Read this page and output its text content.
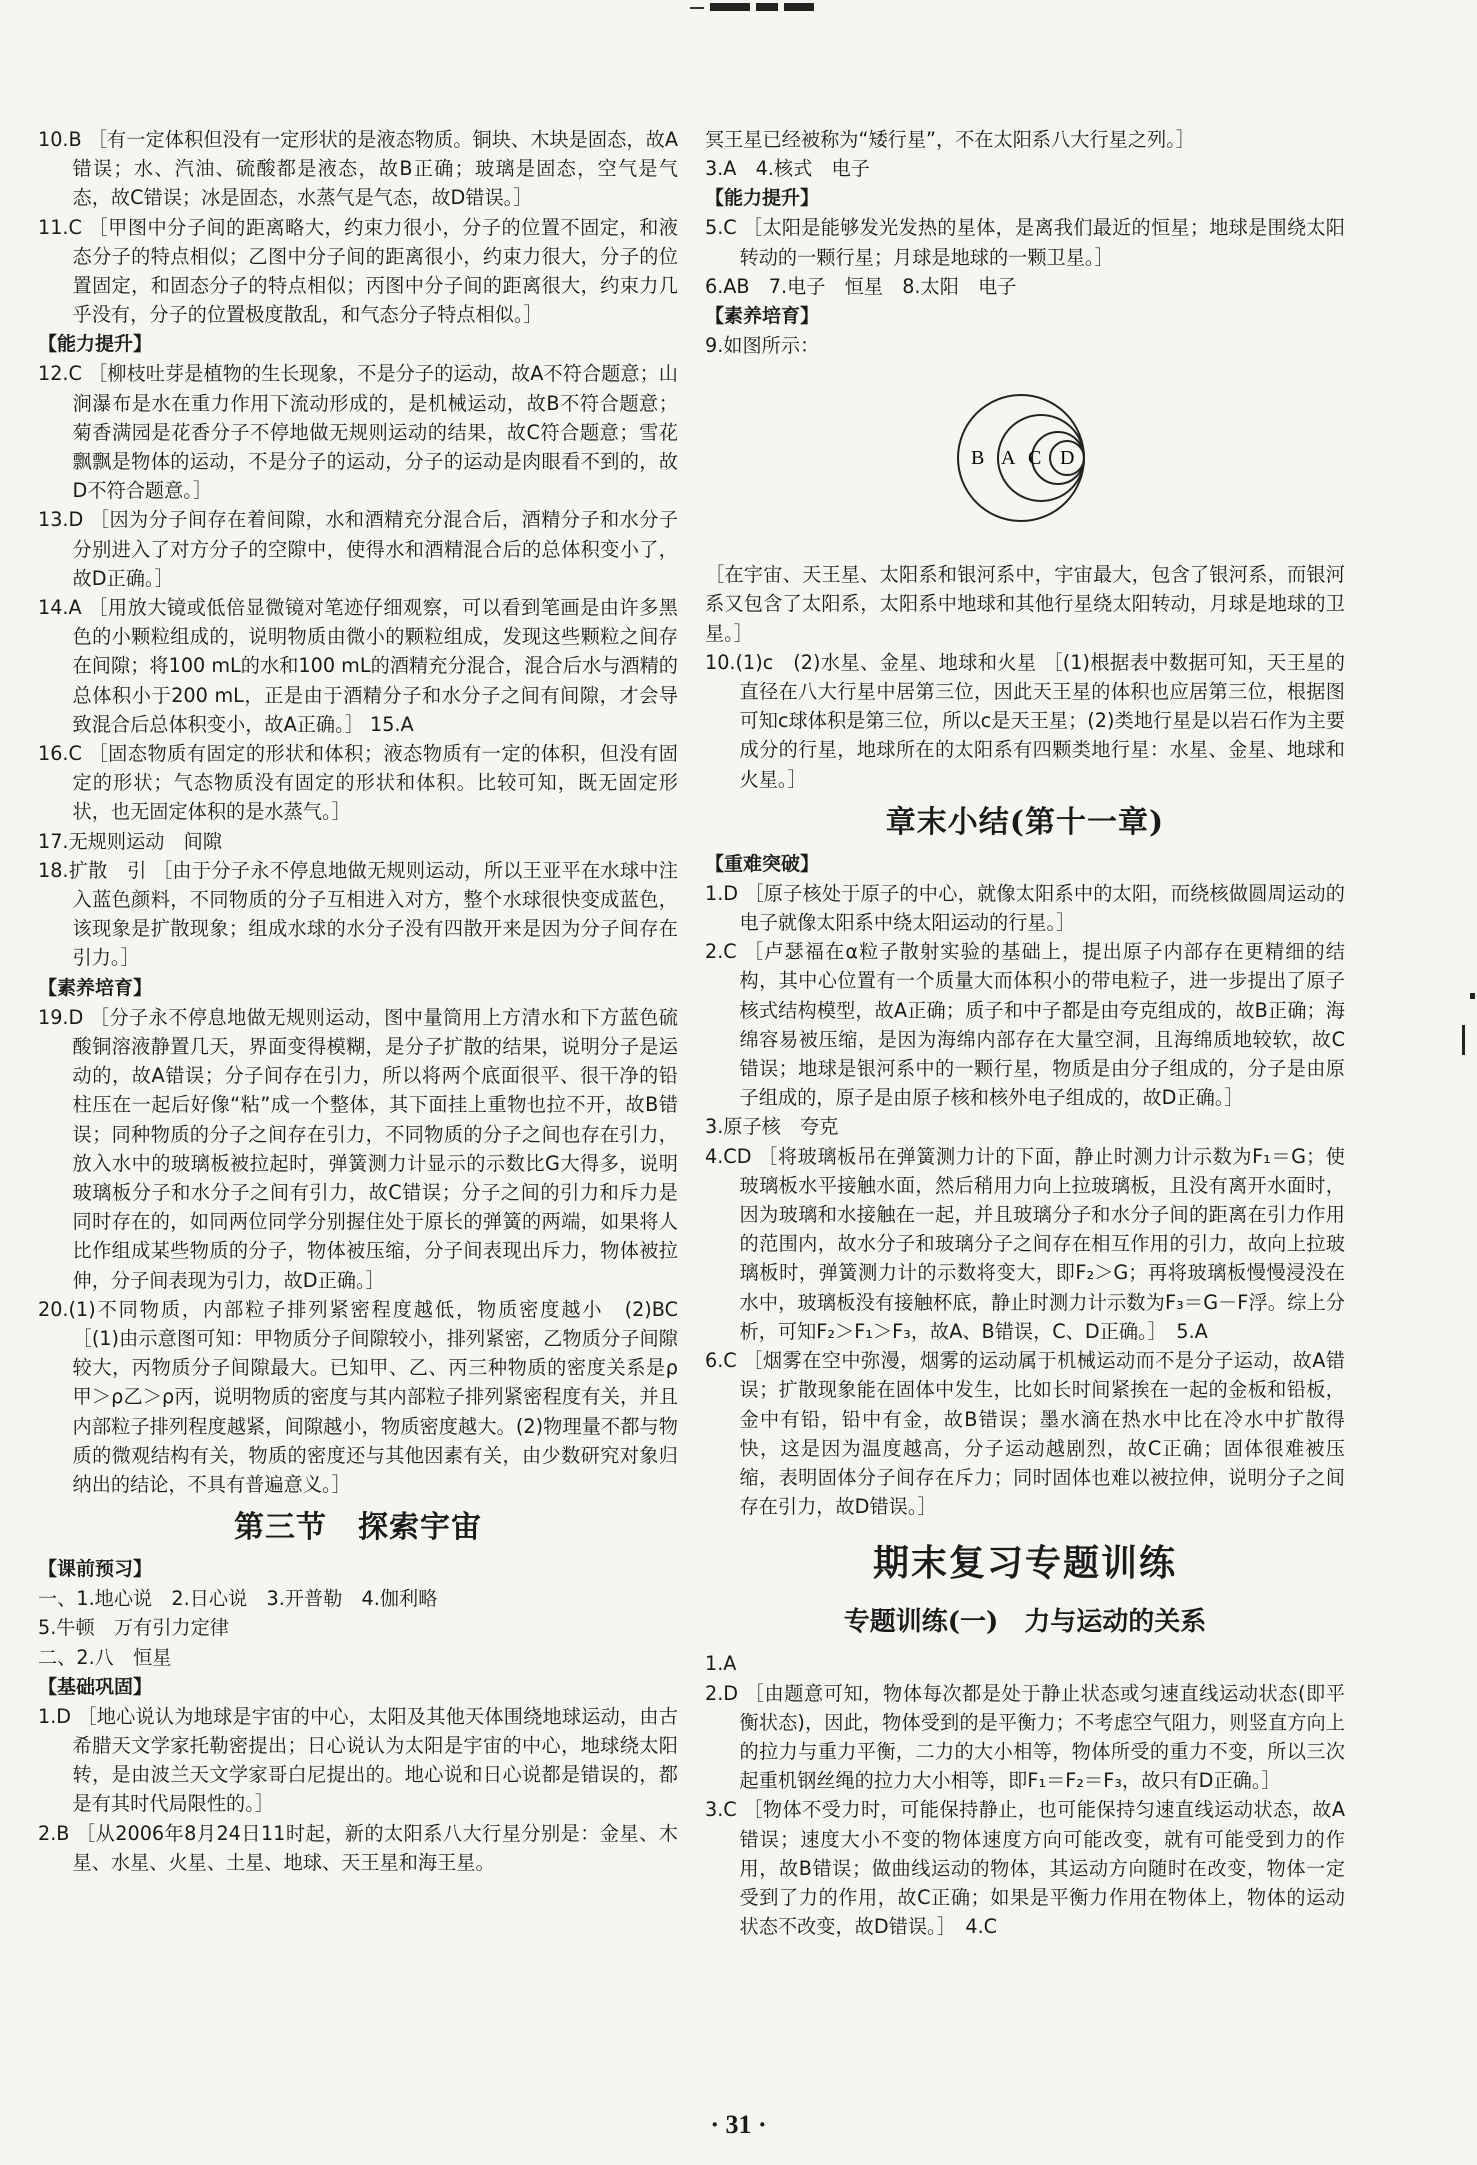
10.B ［有一定体积但没有一定形状的是液态物质。铜块、木块是固态，故A错误；水、汽油、硫酸都是液态，故B正确；玻璃是固态，空气是气态，故C错误；冰是固态，水蒸气是气态，故D错误。］

11.C ［甲图中分子间的距离略大，约束力很小，分子的位置不固定，和液态分子的特点相似；乙图中分子间的距离很小，约束力很大，分子的位置固定，和固态分子的特点相似；丙图中分子间的距离很大，约束力几乎没有，分子的位置极度散乱，和气态分子特点相似。］

【能力提升】

12.C ［柳枝吐芽是植物的生长现象，不是分子的运动，故A不符合题意；山涧瀑布是水在重力作用下流动形成的，是机械运动，故B不符合题意；菊香满园是花香分子不停地做无规则运动的结果，故C符合题意；雪花飘飘是物体的运动，不是分子的运动，分子的运动是肉眼看不到的，故D不符合题意。］

13.D ［因为分子间存在着间隙，水和酒精充分混合后，酒精分子和水分子分别进入了对方分子的空隙中，使得水和酒精混合后的总体积变小了，故D正确。］

14.A ［用放大镜或低倍显微镜对笔迹仔细观察，可以看到笔画是由许多黑色的小颗粒组成的，说明物质由微小的颗粒组成，发现这些颗粒之间存在间隙；将100 mL的水和100 mL的酒精充分混合，混合后水与酒精的总体积小于200 mL，正是由于酒精分子和水分子之间有间隙，才会导致混合后总体积变小，故A正确。］ 15.A

16.C ［固态物质有固定的形状和体积；液态物质有一定的体积，但没有固定的形状；气态物质没有固定的形状和体积。比较可知，既无固定形状，也无固定体积的是水蒸气。］

17.无规则运动　间隙

18.扩散　引 ［由于分子永不停息地做无规则运动，所以王亚平在水球中注入蓝色颜料，不同物质的分子互相进入对方，整个水球很快变成蓝色，该现象是扩散现象；组成水球的水分子没有四散开来是因为分子间存在引力。］

【素养培育】

19.D ［分子永不停息地做无规则运动，图中量筒用上方清水和下方蓝色硫酸铜溶液静置几天，界面变得模糊，是分子扩散的结果，说明分子是运动的，故A错误；分子间存在引力，所以将两个底面很平、很干净的铅柱压在一起后好像“粘”成一个整体，其下面挂上重物也拉不开，故B错误；同种物质的分子之间存在引力，不同物质的分子之间也存在引力，放入水中的玻璃板被拉起时，弹簧测力计显示的示数比G大得多，说明玻璃板分子和水分子之间有引力，故C错误；分子之间的引力和斥力是同时存在的，如同两位同学分别握住处于原长的弹簧的两端，如果将人比作组成某些物质的分子，物体被压缩，分子间表现出斥力，物体被拉伸，分子间表现为引力，故D正确。］

20.(1)不同物质，内部粒子排列紧密程度越低，物质密度越小　(2)BC ［(1)由示意图可知：甲物质分子间隙较小，排列紧密，乙物质分子间隙较大，丙物质分子间隙最大。已知甲、乙、丙三种物质的密度关系是ρ甲＞ρ乙＞ρ丙，说明物质的密度与其内部粒子排列紧密程度有关，并且内部粒子排列程度越紧，间隙越小，物质密度越大。(2)物理量不都与物质的微观结构有关，物质的密度还与其他因素有关，由少数研究对象归纳出的结论，不具有普遍意义。］

第三节　探索宇宙

【课前预习】

一、1.地心说　2.日心说　3.开普勒　4.伽利略

5.牛顿　万有引力定律

二、2.八　恒星

【基础巩固】

1.D ［地心说认为地球是宇宙的中心，太阳及其他天体围绕地球运动，由古希腊天文学家托勒密提出；日心说认为太阳是宇宙的中心，地球绕太阳转，是由波兰天文学家哥白尼提出的。地心说和日心说都是错误的，都是有其时代局限性的。］

2.B ［从2006年8月24日11时起，新的太阳系八大行星分别是：金星、木星、水星、火星、土星、地球、天王星和海王星。

冥王星已经被称为“矮行星”，不在太阳系八大行星之列。］

3.A　4.核式　电子

【能力提升】

5.C ［太阳是能够发光发热的星体，是离我们最近的恒星；地球是围绕太阳转动的一颗行星；月球是地球的一颗卫星。］

6.AB　7.电子　恒星　8.太阳　电子

【素养培育】

9.如图所示：

B A C D

［在宇宙、天王星、太阳系和银河系中，宇宙最大，包含了银河系，而银河系又包含了太阳系，太阳系中地球和其他行星绕太阳转动，月球是地球的卫星。］

10.(1)c　(2)水星、金星、地球和火星 ［(1)根据表中数据可知，天王星的直径在八大行星中居第三位，因此天王星的体积也应居第三位，根据图可知c球体积是第三位，所以c是天王星；(2)类地行星是以岩石作为主要成分的行星，地球所在的太阳系有四颗类地行星：水星、金星、地球和火星。］

章末小结(第十一章)

【重难突破】

1.D ［原子核处于原子的中心，就像太阳系中的太阳，而绕核做圆周运动的电子就像太阳系中绕太阳运动的行星。］

2.C ［卢瑟福在α粒子散射实验的基础上，提出原子内部存在更精细的结构，其中心位置有一个质量大而体积小的带电粒子，进一步提出了原子核式结构模型，故A正确；质子和中子都是由夸克组成的，故B正确；海绵容易被压缩，是因为海绵内部存在大量空洞，且海绵质地较软，故C错误；地球是银河系中的一颗行星，物质是由分子组成的，分子是由原子组成的，原子是由原子核和核外电子组成的，故D正确。］

3.原子核　夸克

4.CD ［将玻璃板吊在弹簧测力计的下面，静止时测力计示数为F₁＝G；使玻璃板水平接触水面，然后稍用力向上拉玻璃板，且没有离开水面时，因为玻璃和水接触在一起，并且玻璃分子和水分子间的距离在引力作用的范围内，故水分子和玻璃分子之间存在相互作用的引力，故向上拉玻璃板时，弹簧测力计的示数将变大，即F₂＞G；再将玻璃板慢慢浸没在水中，玻璃板没有接触杯底，静止时测力计示数为F₃＝G－F浮。综上分析，可知F₂＞F₁＞F₃，故A、B错误，C、D正确。］　5.A

6.C ［烟雾在空中弥漫，烟雾的运动属于机械运动而不是分子运动，故A错误；扩散现象能在固体中发生，比如长时间紧挨在一起的金板和铅板，金中有铅，铅中有金，故B错误；墨水滴在热水中比在冷水中扩散得快，这是因为温度越高，分子运动越剧烈，故C正确；固体很难被压缩，表明固体分子间存在斥力；同时固体也难以被拉伸，说明分子之间存在引力，故D错误。］

期末复习专题训练

专题训练(一)　力与运动的关系

1.A

2.D ［由题意可知，物体每次都是处于静止状态或匀速直线运动状态(即平衡状态)，因此，物体受到的是平衡力；不考虑空气阻力，则竖直方向上的拉力与重力平衡，二力的大小相等，物体所受的重力不变，所以三次起重机钢丝绳的拉力大小相等，即F₁＝F₂＝F₃，故只有D正确。］

3.C ［物体不受力时，可能保持静止，也可能保持匀速直线运动状态，故A错误；速度大小不变的物体速度方向可能改变，就有可能受到力的作用，故B错误；做曲线运动的物体，其运动方向随时在改变，物体一定受到了力的作用，故C正确；如果是平衡力作用在物体上，物体的运动状态不改变，故D错误。］　4.C

· 31 ·
